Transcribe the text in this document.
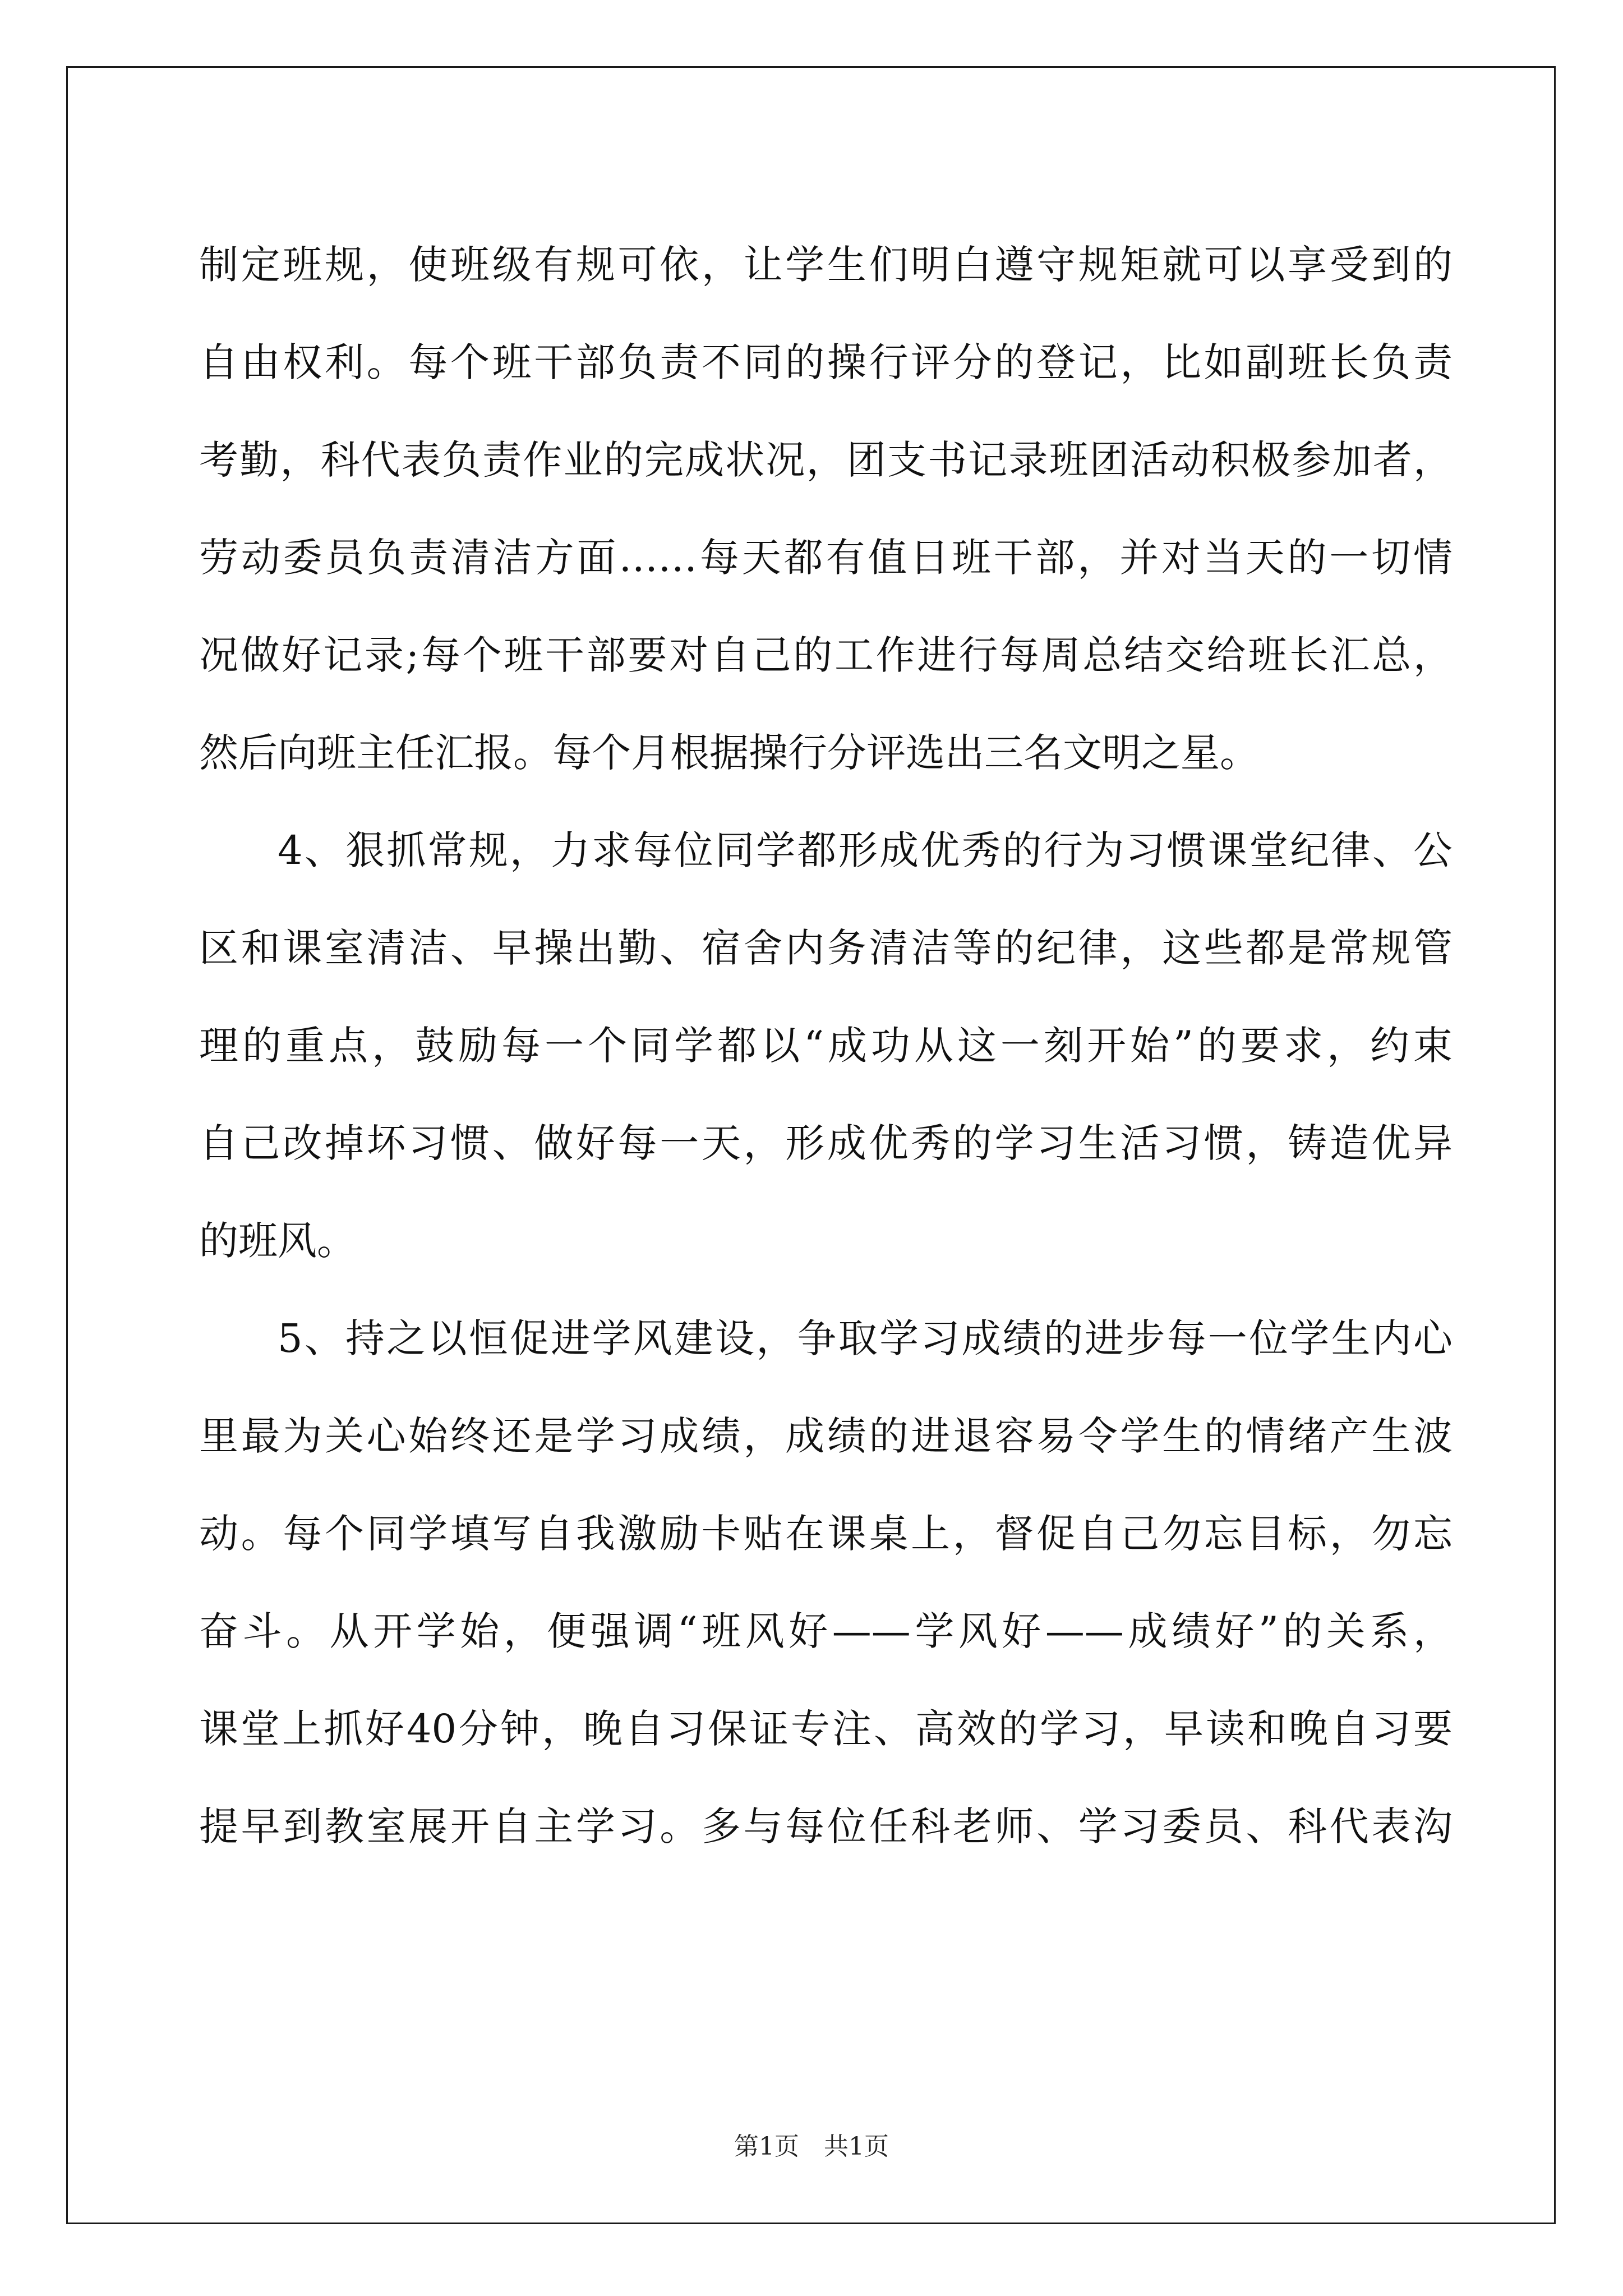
制定班规，使班级有规可依，让学生们明白遵守规矩就可以享受到的
自由权利。每个班干部负责不同的操行评分的登记，比如副班长负责
考勤，科代表负责作业的完成状况，团支书记录班团活动积极参加者，
劳动委员负责清洁方面……每天都有值日班干部，并对当天的一切情
况做好记录;每个班干部要对自己的工作进行每周总结交给班长汇总，
然后向班主任汇报。每个月根据操行分评选出三名文明之星。
4、狠抓常规，力求每位同学都形成优秀的行为习惯课堂纪律、公
区和课室清洁、早操出勤、宿舍内务清洁等的纪律，这些都是常规管
理的重点，鼓励每一个同学都以“成功从这一刻开始”的要求，约束
自己改掉坏习惯、做好每一天，形成优秀的学习生活习惯，铸造优异
的班风。
5、持之以恒促进学风建设，争取学习成绩的进步每一位学生内心
里最为关心始终还是学习成绩，成绩的进退容易令学生的情绪产生波
动。每个同学填写自我激励卡贴在课桌上，督促自己勿忘目标，勿忘
奋斗。从开学始，便强调“班风好——学风好——成绩好”的关系，
课堂上抓好40分钟，晚自习保证专注、高效的学习，早读和晚自习要
提早到教室展开自主学习。多与每位任科老师、学习委员、科代表沟
第1页　共1页
